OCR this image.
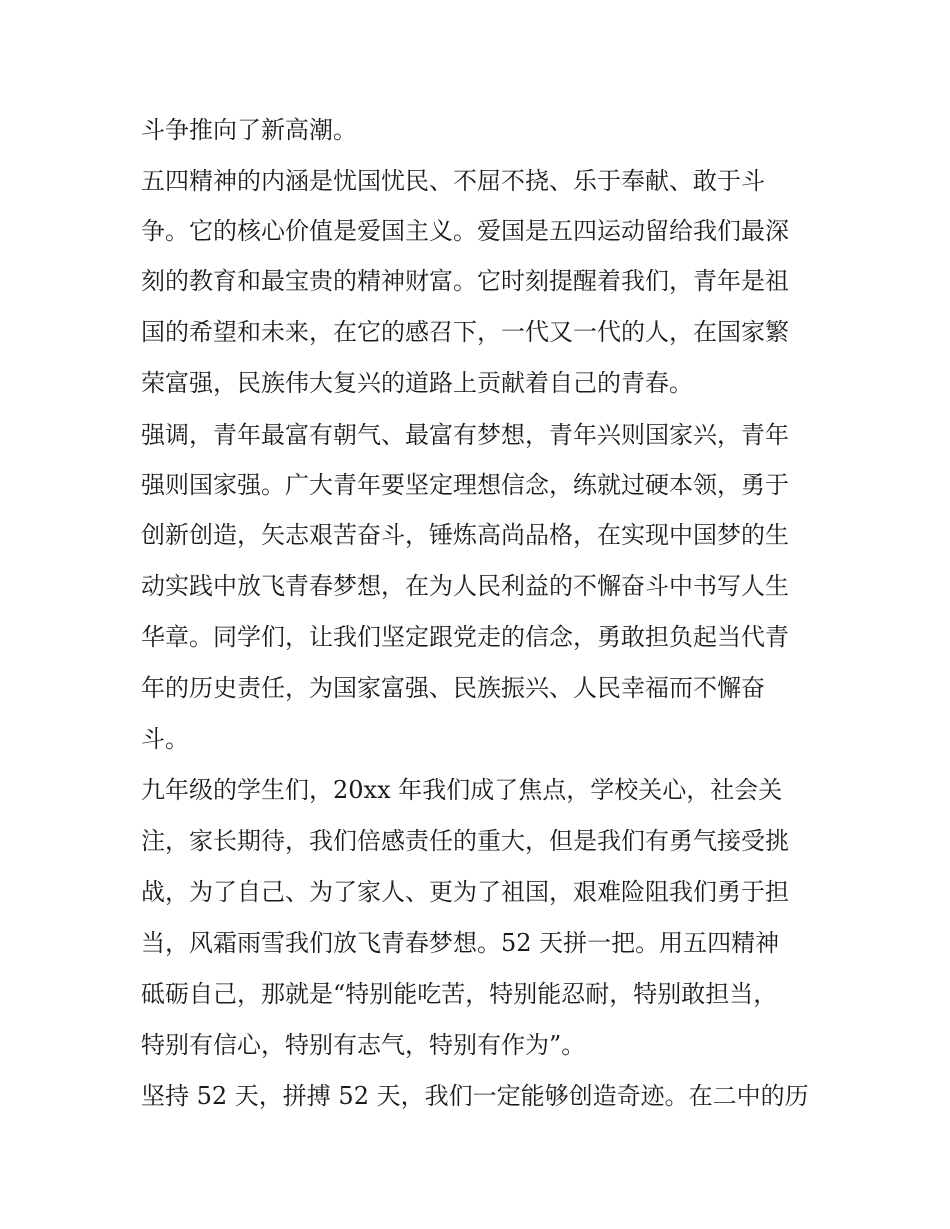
斗争推向了新高潮。
五四精神的内涵是忧国忧民、不屈不挠、乐于奉献、敢于斗
争。它的核心价值是爱国主义。爱国是五四运动留给我们最深
刻的教育和最宝贵的精神财富。它时刻提醒着我们，青年是祖
国的希望和未来，在它的感召下，一代又一代的人，在国家繁
荣富强，民族伟大复兴的道路上贡献着自己的青春。
强调，青年最富有朝气、最富有梦想，青年兴则国家兴，青年
强则国家强。广大青年要坚定理想信念，练就过硬本领，勇于
创新创造，矢志艰苦奋斗，锤炼高尚品格，在实现中国梦的生
动实践中放飞青春梦想，在为人民利益的不懈奋斗中书写人生
华章。同学们，让我们坚定跟党走的信念，勇敢担负起当代青
年的历史责任，为国家富强、民族振兴、人民幸福而不懈奋
斗。
九年级的学生们，20xx 年我们成了焦点，学校关心，社会关
注，家长期待，我们倍感责任的重大，但是我们有勇气接受挑
战，为了自己、为了家人、更为了祖国，艰难险阻我们勇于担
当，风霜雨雪我们放飞青春梦想。52 天拼一把。用五四精神
砥砺自己，那就是“特别能吃苦，特别能忍耐，特别敢担当，
特别有信心，特别有志气，特别有作为”。
坚持 52 天，拼搏 52 天，我们一定能够创造奇迹。在二中的历
